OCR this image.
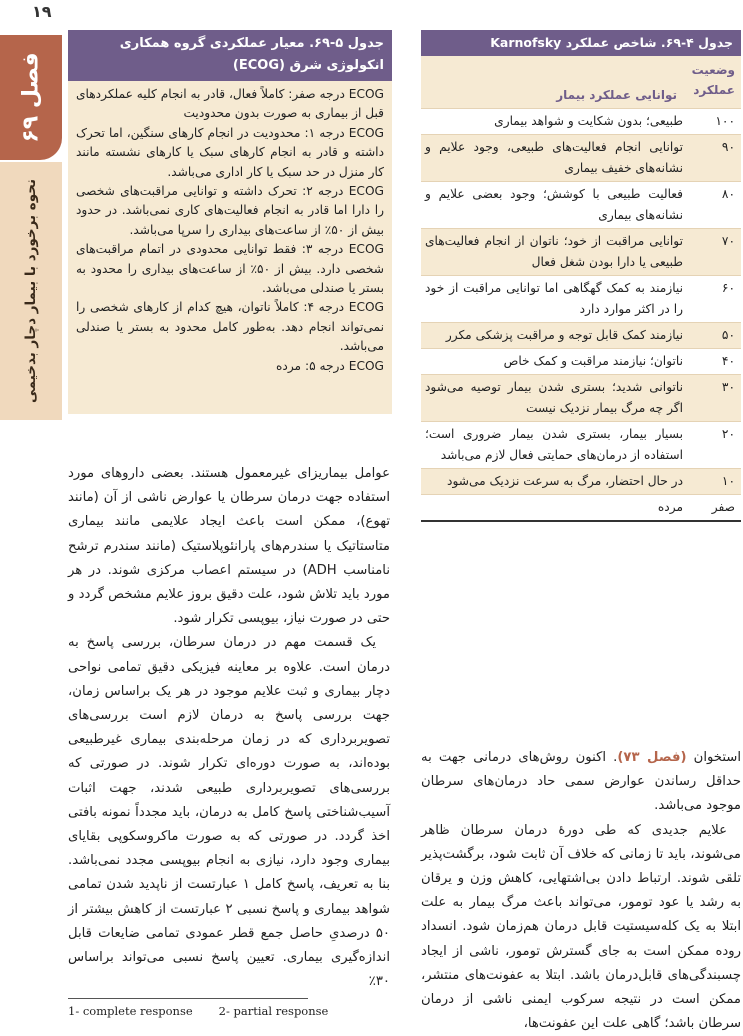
۱۹
فصل ۶۹
نحوه برخورد با بیمار دچار بدخیمی
جدول ۵-۶۹. معیار عملکردی گروه همکاری انکولوژی شرق (ECOG)
ECOG درجه صفر: کاملاً فعال، قادر به انجام کلیه عملکردهای قبل از بیماری به صورت بدون محدودیت
ECOG درجه ۱: محدودیت در انجام کارهای سنگین، اما تحرک داشته و قادر به انجام کارهای سبک یا کارهای نشسته مانند کار منزل در حد سبک یا کار اداری می‌باشد.
ECOG درجه ۲: تحرک داشته و توانایی مراقبت‌های شخصی را دارا اما قادر به انجام فعالیت‌های کاری نمی‌باشد. در حدود بیش از ۵۰٪ از ساعت‌های بیداری را سرپا می‌باشد.
ECOG درجه ۳: فقط توانایی محدودی در اتمام مراقبت‌های شخصی دارد. بیش از ۵۰٪ از ساعت‌های بیداری را محدود به بستر یا صندلی می‌باشد.
ECOG درجه ۴: کاملاً ناتوان، هیچ کدام از کارهای شخصی را نمی‌تواند انجام دهد. به‌طور کامل محدود به بستر یا صندلی می‌باشد.
ECOG درجه ۵: مرده
جدول ۴-۶۹. شاخص عملکرد Karnofsky
وضعیت عملکرد
توانایی عملکرد بیمار
۱۰۰
طبیعی؛ بدون شکایت و شواهد بیماری
۹۰
توانایی انجام فعالیت‌های طبیعی، وجود علایم و نشانه‌های خفیف بیماری
۸۰
فعالیت طبیعی با کوشش؛ وجود بعضی علایم و نشانه‌های بیماری
۷۰
توانایی مراقبت از خود؛ ناتوان از انجام فعالیت‌های طبیعی یا دارا بودن شغل فعال
۶۰
نیازمند به کمک گهگاهی اما توانایی مراقبت از خود را در اکثر موارد دارد
۵۰
نیازمند کمک قابل توجه و مراقبت پزشکی مکرر
۴۰
ناتوان؛ نیازمند مراقبت و کمک خاص
۳۰
ناتوانی شدید؛ بستری شدن بیمار توصیه می‌شود اگر چه مرگ بیمار نزدیک نیست
۲۰
بسیار بیمار، بستری شدن بیمار ضروری است؛ استفاده از درمان‌های حمایتی فعال لازم می‌باشد
۱۰
در حال احتضار، مرگ به سرعت نزدیک می‌شود
صفر
مرده

عوامل بیماریزای غیرمعمول هستند. بعضی داروهای مورد استفاده جهت درمان سرطان یا عوارض ناشی از آن (مانند تهوع)، ممکن است باعث ایجاد علایمی مانند بیماری متاستاتیک یا سندرم‌های پارانئوپلاستیک (مانند سندرم ترشح نامناسب ADH) در سیستم اعصاب مرکزی شوند. در هر مورد باید تلاش شود، علت دقیق بروز علایم مشخص گردد و حتی در صورت نیاز، بیوپسی تکرار شود.

یک قسمت مهم در درمان سرطان، بررسی پاسخ به درمان است. علاوه بر معاینه فیزیکی دقیق تمامی نواحی دچار بیماری و ثبت علایم موجود در هر یک براساس زمان، جهت بررسی پاسخ به درمان لازم است بررسی‌های تصویربرداری که در زمان مرحله‌بندی بیماری غیرطبیعی بوده‌اند، به صورت دوره‌ای تکرار شوند. در صورتی که بررسی‌های تصویربرداری طبیعی شدند، جهت اثبات آسیب‌شناختی پاسخ کامل به درمان، باید مجدداً نمونه بافتی اخذ گردد. در صورتی که به صورت ماکروسکوپی بقایای بیماری وجود دارد، نیازی به انجام بیوپسی مجدد نمی‌باشد. بنا به تعریف، پاسخ کامل ۱ عبارتست از ناپدید شدن تمامی شواهد بیماری و پاسخ نسبی ۲ عبارتست از کاهش بیشتر از ۵۰ درصدیِ حاصل جمع قطر عمودی تمامی ضایعات قابل اندازه‌گیری بیماری. تعیین پاسخ نسبی می‌تواند براساس ۳۰٪

استخوان (فصل ۷۳). اکنون روش‌های درمانی جهت به حداقل رساندن عوارض سمی حاد درمان‌های سرطان موجود می‌باشد.

علایم جدیدی که طی دورهٔ درمان سرطان ظاهر می‌شوند، باید تا زمانی که خلاف آن ثابت شود، برگشت‌پذیر تلقی شوند. ارتباط دادن بی‌اشتهایی، کاهش وزن و یرقان به رشد یا عود تومور، می‌تواند باعث مرگ بیمار به علت ابتلا به یک کله‌سیستیت قابل درمان هم‌زمان شود. انسداد روده ممکن است به جای گسترش تومور، ناشی از ایجاد چسبندگی‌های قابل‌درمان باشد. ابتلا به عفونت‌های منتشر، ممکن است در نتیجه سرکوب ایمنی ناشی از درمان سرطان باشد؛ گاهی علت این عفونت‌ها،

1- complete response 2- partial response
